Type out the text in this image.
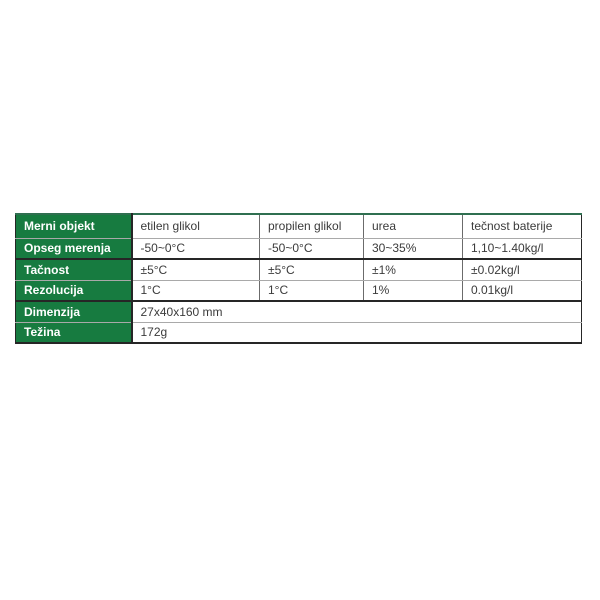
Merni objekt	etilen glikol	propilen glikol	urea	tečnost baterije
Opseg merenja	-50~0°C	-50~0°C	30~35%	1,10~1.40kg/l
Tačnost	±5°C	±5°C	±1%	±0.02kg/l
Rezolucija	1°C	1°C	1%	0.01kg/l
Dimenzija	27x40x160 mm			
Težina	172g			
